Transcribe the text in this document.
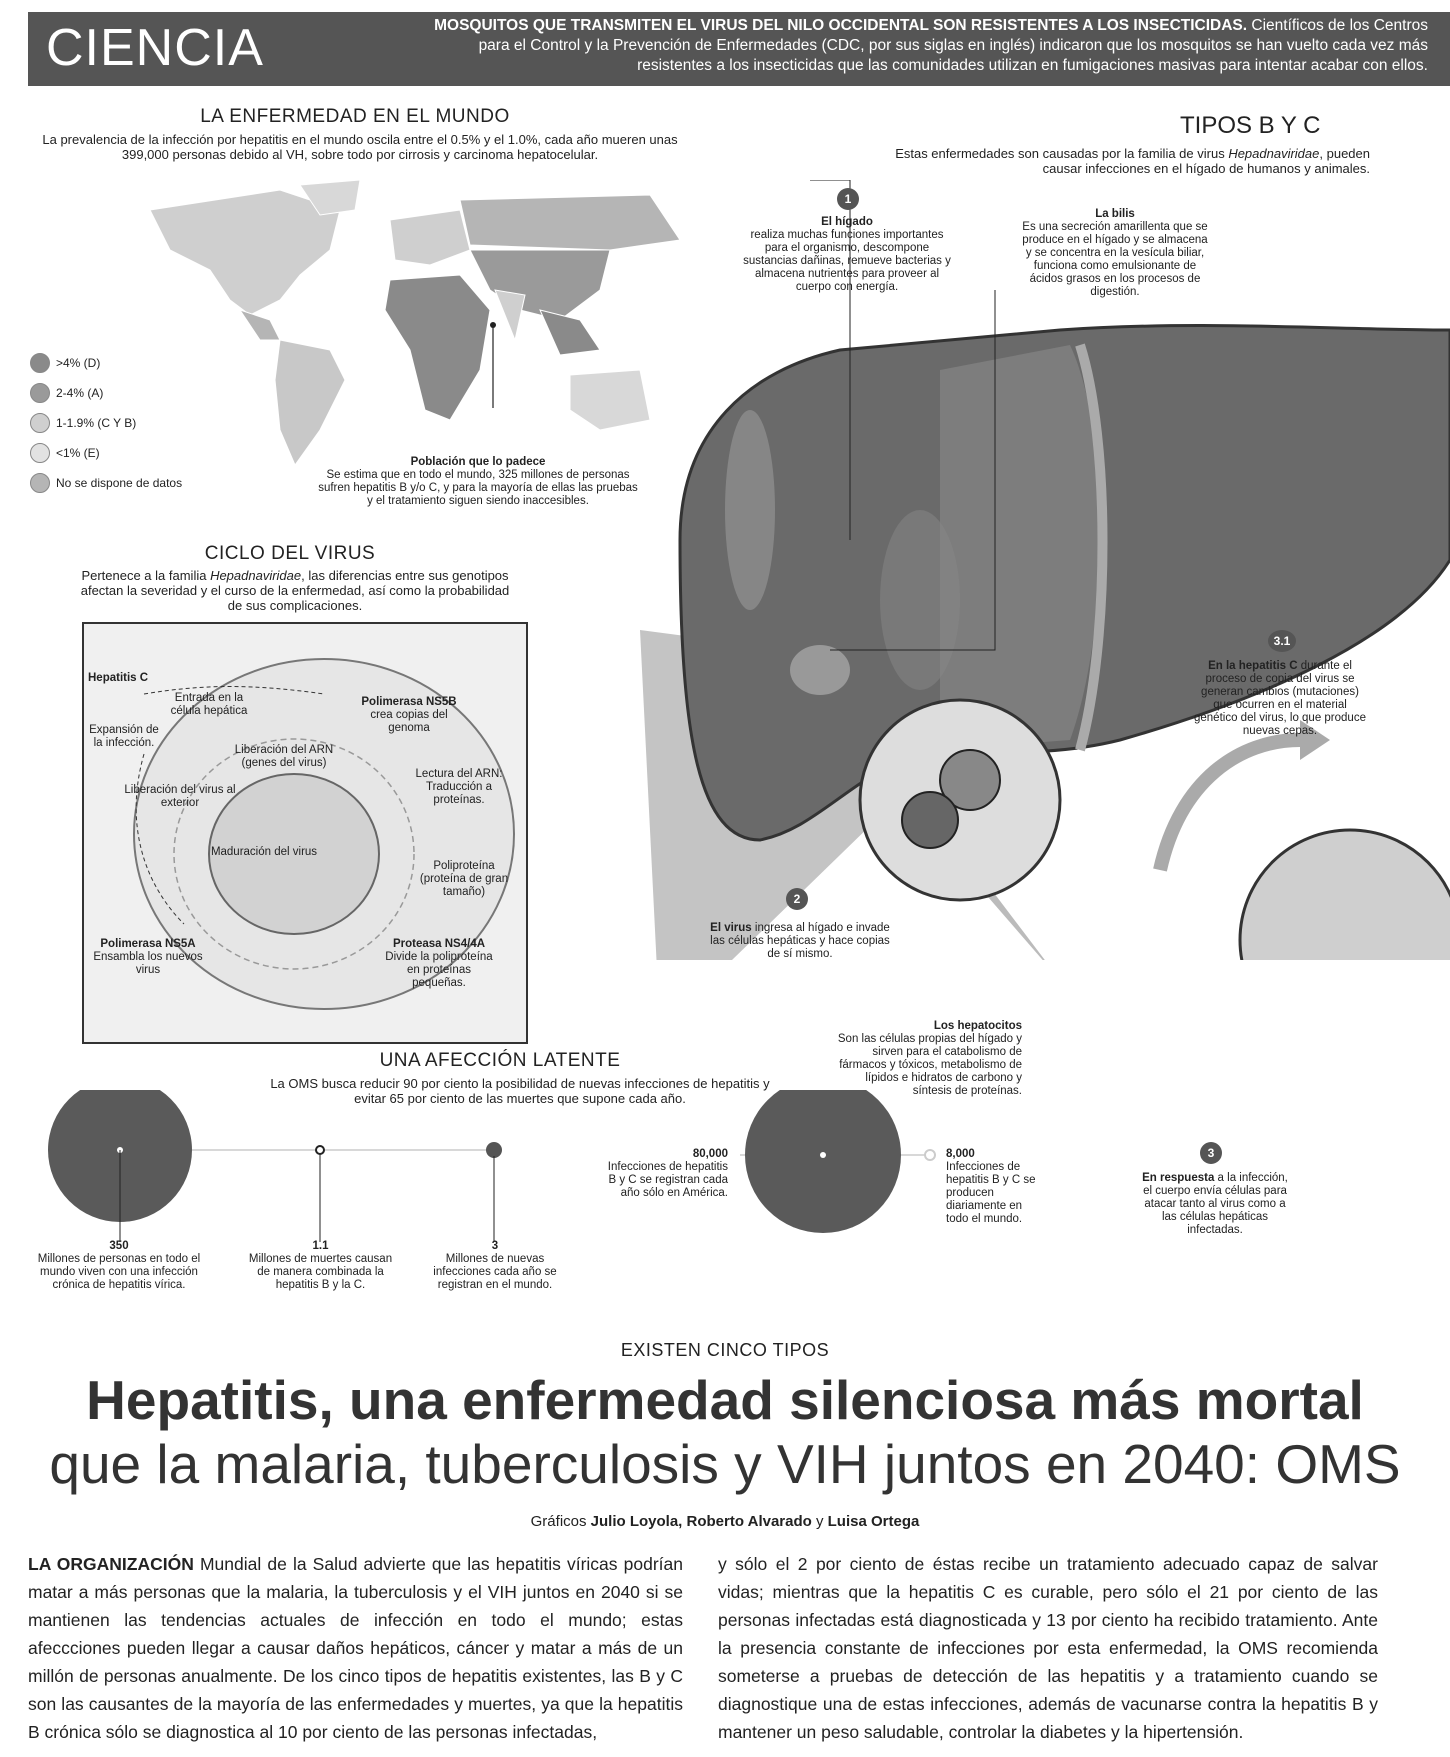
CIENCIA	MOSQUITOS QUE TRANSMITEN EL VIRUS DEL NILO OCCIDENTAL SON RESISTENTES A LOS INSECTICIDAS. Científicos de los Centros para el Control y la Prevención de Enfermedades (CDC, por sus siglas en inglés) indicaron que los mosquitos se han vuelto cada vez más resistentes a los insecticidas que las comunidades utilizan en fumigaciones masivas para intentar acabar con ellos.
LA ENFERMEDAD EN EL MUNDO
La prevalencia de la infección por hepatitis en el mundo oscila entre el 0.5% y el 1.0%, cada año mueren unas 399,000 personas debido al VH, sobre todo por cirrosis y carcinoma hepatocelular.
>4% (D)
2-4% (A)
1-1.9% (C Y B)
<1% (E)
No se dispone de datos
Población que lo padece
Se estima que en todo el mundo, 325 millones de personas sufren hepatitis B y/o C, y para la mayoría de ellas las pruebas y el tratamiento siguen siendo inaccesibles.
TIPOS B Y C
Estas enfermedades son causadas por la familia de virus Hepadnaviridae, pueden causar infecciones en el hígado de humanos y animales.
1
El hígado
realiza muchas funciones importantes para el organismo, descompone sustancias dañinas, remueve bacterias y almacena nutrientes para proveer al cuerpo con energía.
La bilis
Es una secreción amarillenta que se produce en el hígado y se almacena y se concentra en la vesícula biliar, funciona como emulsionante de ácidos grasos en los procesos de digestión.
3.1
En la hepatitis C durante el proceso de copia del virus se generan cambios (mutaciones) que ocurren en el material genético del virus, lo que produce nuevas cepas.
2
El virus ingresa al hígado e invade las células hepáticas y hace copias de sí mismo.
Los hepatocitos
Son las células propias del hígado y sirven para el catabolismo de fármacos y tóxicos, metabolismo de lípidos e hidratos de carbono y síntesis de proteínas.
3
En respuesta a la infección, el cuerpo envía células para atacar tanto al virus como a las células hepáticas infectadas.
CICLO DEL VIRUS
Pertenece a la familia Hepadnaviridae, las diferencias entre sus genotipos afectan la severidad y el curso de la enfermedad, así como la probabilidad de sus complicaciones.
Hepatitis C
Entrada en la célula hepática
Expansión de la infección.
Polimerasa NS5B
crea copias del genoma
Liberación del ARN (genes del virus)
Lectura del ARN: Traducción a proteínas.
Liberación del virus al exterior
Maduración del virus
Poliproteína (proteína de gran tamaño)
Polimerasa NS5A
Ensambla los nuevos virus
Proteasa NS4/4A
Divide la poliproteína en proteínas pequeñas.
UNA AFECCIÓN LATENTE
La OMS busca reducir 90 por ciento la posibilidad de nuevas infecciones de hepatitis y evitar 65 por ciento de las muertes que supone cada año.
350
Millones de personas en todo el mundo viven con una infección crónica de hepatitis vírica.
1.1
Millones de muertes causan de manera combinada la hepatitis B y la C.
3
Millones de nuevas infecciones cada año se registran en el mundo.
80,000
Infecciones de hepatitis B y C se registran cada año sólo en América.
8,000
Infecciones de hepatitis B y C se producen diariamente en todo el mundo.
EXISTEN CINCO TIPOS
Hepatitis, una enfermedad silenciosa más mortal
que la malaria, tuberculosis y VIH juntos en 2040: OMS
Gráficos Julio Loyola, Roberto Alvarado y Luisa Ortega
LA ORGANIZACIÓN Mundial de la Salud advierte que las hepatitis víricas podrían matar a más personas que la malaria, la tuberculosis y el VIH juntos en 2040 si se mantienen las tendencias actuales de infección en todo el mundo; estas afeccciones pueden llegar a causar daños hepáticos, cáncer y matar a más de un millón de personas anualmente. De los cinco tipos de hepatitis existentes, las B y C son las causantes de la mayoría de las enfermedades y muertes, ya que la hepatitis B crónica sólo se diagnostica al 10 por ciento de las personas infectadas,
y sólo el 2 por ciento de éstas recibe un tratamiento adecuado capaz de salvar vidas; mientras que la hepatitis C es curable, pero sólo el 21 por ciento de las personas infectadas está diagnosticada y 13 por ciento ha recibido tratamiento. Ante la presencia constante de infecciones por esta enfermedad, la OMS recomienda someterse a pruebas de detección de las hepatitis y a tratamiento cuando se diagnostique una de estas infecciones, además de vacunarse contra la hepatitis B y mantener un peso saludable, controlar la diabetes y la hipertensión.
